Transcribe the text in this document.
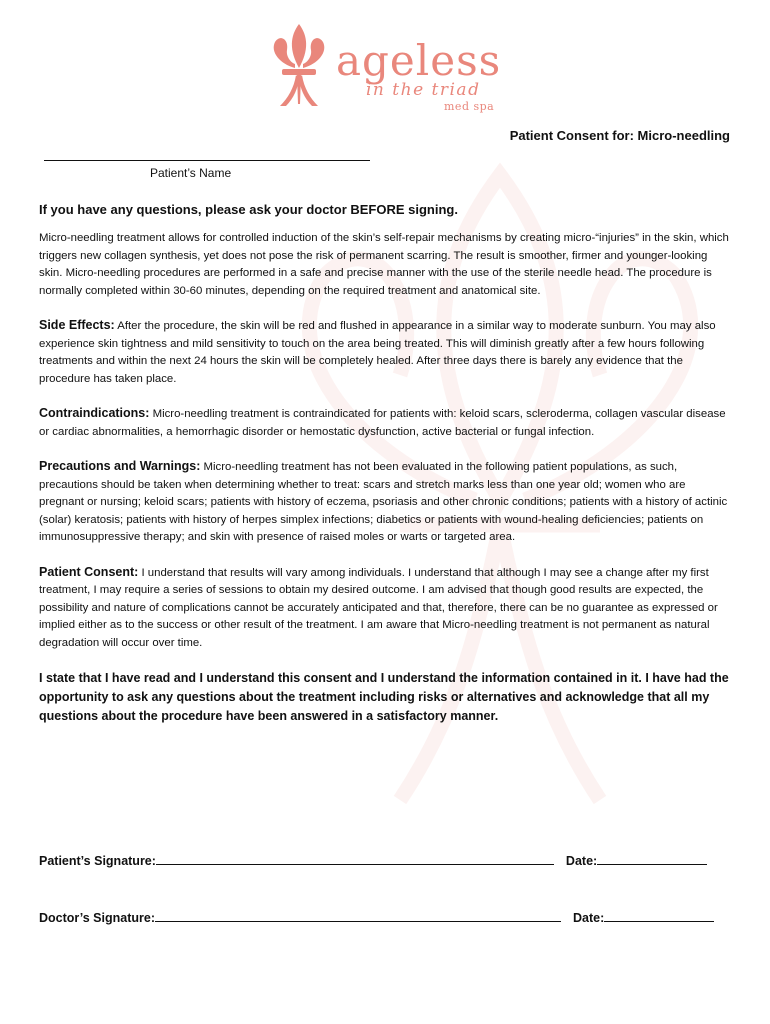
ageless
in the triad
med spa
Patient Consent for: Micro-needling
Patient’s Name

If you have any questions, please ask your doctor BEFORE signing.

Micro-needling treatment allows for controlled induction of the skin’s self-repair mechanisms by creating micro-“injuries” in the skin, which triggers new collagen synthesis, yet does not pose the risk of permanent scarring. The result is smoother, firmer and younger-looking skin. Micro-needling procedures are performed in a safe and precise manner with the use of the sterile needle head. The procedure is normally completed within 30-60 minutes, depending on the required treatment and anatomical site.

Side Effects: After the procedure, the skin will be red and flushed in appearance in a similar way to moderate sunburn. You may also experience skin tightness and mild sensitivity to touch on the area being treated. This will diminish greatly after a few hours following treatments and within the next 24 hours the skin will be completely healed. After three days there is barely any evidence that the procedure has taken place.

Contraindications: Micro-needling treatment is contraindicated for patients with: keloid scars, scleroderma, collagen vascular disease or cardiac abnormalities, a hemorrhagic disorder or hemostatic dysfunction, active bacterial or fungal infection.

Precautions and Warnings: Micro-needling treatment has not been evaluated in the following patient populations, as such, precautions should be taken when determining whether to treat: scars and stretch marks less than one year old; women who are pregnant or nursing; keloid scars; patients with history of eczema, psoriasis and other chronic conditions; patients with a history of actinic (solar) keratosis; patients with history of herpes simplex infections; diabetics or patients with wound-healing deficiencies; patients on immunosuppressive therapy; and skin with presence of raised moles or warts or targeted area.

Patient Consent: I understand that results will vary among individuals. I understand that although I may see a change after my first treatment, I may require a series of sessions to obtain my desired outcome. I am advised that though good results are expected, the possibility and nature of complications cannot be accurately anticipated and that, therefore, there can be no guarantee as expressed or implied either as to the success or other result of the treatment. I am aware that Micro-needling treatment is not permanent as natural degradation will occur over time.

I state that I have read and I understand this consent and I understand the information contained in it. I have had the opportunity to ask any questions about the treatment including risks or alternatives and acknowledge that all my questions about the procedure have been answered in a satisfactory manner.

Patient’s Signature:	Date:
Doctor’s Signature:	Date:
